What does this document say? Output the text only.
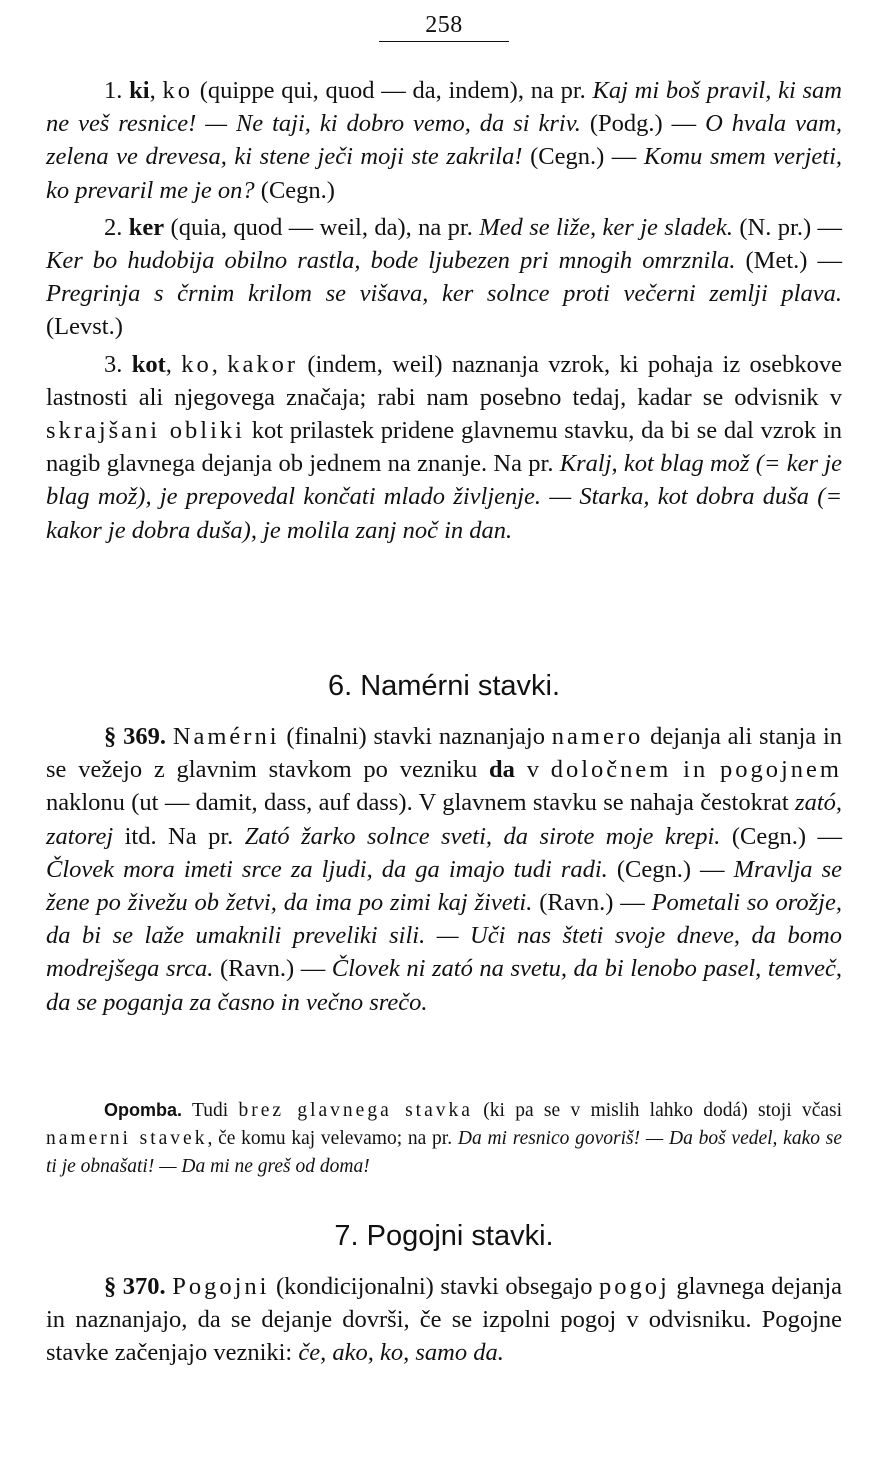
258

1. ki, ko (quippe qui, quod — da, indem), na pr. Kaj mi boš pravil, ki sam ne veš resnice! — Ne taji, ki dobro vemo, da si kriv. (Podg.) — O hvala vam, zelena ve drevesa, ki stene ječi moji ste zakrila! (Cegn.) — Komu smem verjeti, ko prevaril me je on? (Cegn.)

2. ker (quia, quod — weil, da), na pr. Med se liže, ker je sladek. (N. pr.) — Ker bo hudobija obilno rastla, bode ljubezen pri mnogih omrznila. (Met.) — Pregrinja s črnim krilom se višava, ker solnce proti večerni zemlji plava. (Levst.)

3. kot, ko, kakor (indem, weil) naznanja vzrok, ki pohaja iz osebkove lastnosti ali njegovega značaja; rabi nam posebno tedaj, kadar se odvisnik v skrajšani obliki kot prilastek pridene glavnemu stavku, da bi se dal vzrok in nagib glavnega dejanja ob jednem na znanje. Na pr. Kralj, kot blag mož (= ker je blag mož), je prepovedal končati mlado življenje. — Starka, kot dobra duša (= kakor je dobra duša), je molila zanj noč in dan.

6. Namérni stavki.

§ 369. Namérni (finalni) stavki naznanjajo namero dejanja ali stanja in se vežejo z glavnim stavkom po vezniku da v določnem in pogojnem naklonu (ut — damit, dass, auf dass). V glavnem stavku se nahaja čestokrat zató, zatorej itd. Na pr. Zató žarko solnce sveti, da sirote moje krepi. (Cegn.) — Človek mora imeti srce za ljudi, da ga imajo tudi radi. (Cegn.) — Mravlja se žene po živežu ob žetvi, da ima po zimi kaj živeti. (Ravn.) — Pometali so orožje, da bi se laže umaknili preveliki sili. — Uči nas šteti svoje dneve, da bomo modrejšega srca. (Ravn.) — Človek ni zató na svetu, da bi lenobo pasel, temveč, da se poganja za časno in večno srečo.

Opomba. Tudi brez glavnega stavka (ki pa se v mislih lahko dodá) stoji včasi namerni stavek, če komu kaj velevamo; na pr. Da mi resnico govoriš! — Da boš vedel, kako se ti je obnašati! — Da mi ne greš od doma!

7. Pogojni stavki.

§ 370. Pogojni (kondicijonalni) stavki obsegajo pogoj glavnega dejanja in naznanjajo, da se dejanje dovrši, če se izpolni pogoj v odvisniku. Pogojne stavke začenjajo vezniki: če, ako, ko, samo da.
